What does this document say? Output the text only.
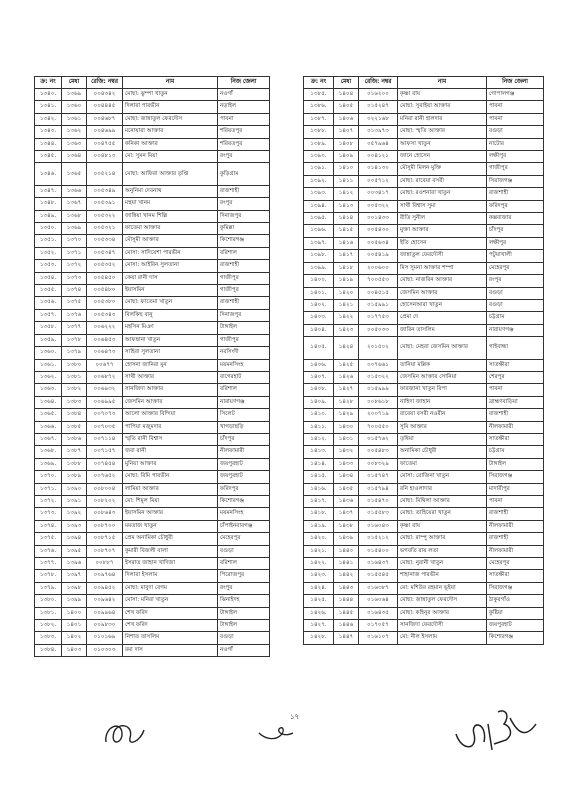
ক্র: নং	মেধা	রেজি: নম্বর	নাম	নিজ জেলা
১৩৪০.	১৩৬৯	০০৪৩৪২	মোছা: ঝুম্পা খাতুন	নওগাঁ
১৩৪১.	১৩৬০	০০৪৪৪৫	দিলারা পারভীন	নড়াইল
১৩৪২.	১৩৬১	০০৪৬৮৭	মোছা: জান্নাতুল ফেরদৌস	পাবনা
১৩৪৩.	১৩৬২	০০৪৬৯৯	মনোয়ারা আক্তার	শরিয়তপুর
১৩৪৪.	১৩৬৩	০০৪৭৫৫	কনিকা আক্তার	শরিয়তপুর
১৩৪৫.	১৩৬৪	০০৪৮১৩	মো: সুমন মিয়া	রংপুর
১৩৪৬.	১৩৬৫	০০৫২১৪	মোছা: আফিরা আক্তার তৃপ্তি	কুড়িগ্রাম
১৩৪৭.	১৩৬৬	০০৫৩৪৯	অনুনিমা দেবনাথ	রাজশাহী
১৩৪৮.	১৩৬৭	০০৫৩৯১	মহুয়া খানম	রংপুর
১৩৪৯.	১৩৬৮	০০৫৩২২	জান্নিয়া খানম শিল্পি	দিনাজপুর
১৩৫০.	১৩৬৯	০০৫৩২১	ফাতেমা আক্তার	কুমিল্লা
১৩৫১.	১৩৭০	০০৫৩৩৪	মৌসুমী আক্তার	কিশোরগঞ্জ
১৩৫২.	১৩৭১	০০৫৩৪৭	মোসা: সাদিয়েশা পারভীন	বরিশাল
১৩৫৩.	১৩৭২	০০৫৩৫২	মোসা: আইরিন সুলতানা	রাজশাহী
১৩৫৪.	১৩৭৩	০০৫৪৫০	কেয়া রানী দাস	গাজীপুর
১৩৫৫.	১৩৭৪	০০৫৪৮০	ইয়াসমিন	গাজীপুর
১৩৫৬.	১৩৭৫	০০৫৩৮০	মোছা: ফাতেমা খাতুন	রাজশাহী
১৩৫৭.	১৩৭৬	০০৫৩৪৩	বিলকিছ বানু	দিনাজপুর
১৩৫৮.	১৩৭৭	০০৬২২২	মহসিন মিঞা	টাঙ্গাইল
১৩৫৯.	১৩৭৮	০০৬৪৫৩	আফছানা খাতুন	গাজীপুর
১৩৬০.	১৩৭৯	০০৬৪৭৩	সাহিরা সুলতানা	নরসিংদী
১৩৬১.	১৩৮০	০০৬৭৭	হোসনা জানিরা মুন	ময়মনসিংহ
১৩৬২.	১৩৮১	০০৬৮৭২	সাথী আক্তার	বাগেরহাট
১৩৬৩.	১৩৮২	০০৬৯৩২	সানজিদা আক্তার	বরিশাল
১৩৬৪.	১৩৮৩	০০৬৯৯৫	জেসমিন আক্তার	নারায়ণগঞ্জ
১৩৬৫.	১৩৮৪	০০৭০৭৩	আলো আক্তার বিন্দিয়া	সিলেট
১৩৬৬.	১৩৮৫	০০৭০৩৫	পাপিয়া মজুমদার	খাগড়াছড়ি
১৩৬৭.	১৩৮৬	০০৭১১৪	স্মৃতি রানী বিশ্বাস	চাঁদপুর
১৩৬৮.	১৩৮৭	০০৭১৫৭	জবা রানী	নীলফামারী
১৩৬৯.	১৩৮৮	০০৭৪৫৪	মুনিয়া আক্তার	জয়পুরহাট
১৩৭০.	১৩৮৯	০০৭৬৫২	মোছা: রিমি পারভীন	জয়পুরহাট
১৩৭১.	১৩৯০	০০৮০০৪	লামিয়া আক্তার	ফরিদপুর
১৩৭২.	১৩৯১	০০৮২০২	মো: শিমুল মিয়া	কিশোরগঞ্জ
১৩৭৩.	১৩৯২	০০৮৬৪৩	ইয়াসমিন আক্তার	ময়মনসিংহ
১৩৭৪.	১৩৯৩	০০৮৭০০	মমতাজ খাতুন	চাঁপাইনবাবগঞ্জ
১৩৭৫.	১৩৯৪	০০৮৭১৫	প্রেম অনামিকা চৌধুরী	মেহেরপুর
১৩৭৬.	১৩৯৫	০০৮৭০৭	কুমারী বিজলী বালা	বগুড়া
১৩৭৭.	১৩৯৬	০০৮৮৭	ইসরাত জাহান খাদিজা	বরিশাল
১৩৭৮.	১৩৯৭	০০৯৭৬৪	দিলারা ইসলাম	পিরোজপুর
১৩৭৯.	১৩৯৮	০০৯৪৫২	মোছা: মাবুদা বেগম	রংপুর
১৩৮০.	১৩৯৯	০০৯৬৪২	মোসা: মনিরা খাতুন	ঝিনাইদহ
১৩৮১.	১৪০০	০০৯৯৬৪	শেখ ফরিদ	টাঙ্গাইল
১৩৮২.	১৪০১	০০৯৮৩০	শেখ ফরিদ	টাঙ্গাইল
১৩৮৩.	১৪০২	০১০১৬৯	নিশাত তাসলিম	বগুড়া
১৩৮৪.	১৪০৩	০১০৩০৩	রমা দাস	নওগাঁ
ক্র: নং	মেধা	রেজি: নম্বর	নাম	নিজ জেলা
১৩৮৫.	১৪০৪	০১৬২০০	কৃষ্ণা রায়	গোপালগঞ্জ
১৩৮৬.	১৪০৫	০১৫২৪৭	মোছা: সুরাইয়া আক্তার	পাবনা
১৩৮৭.	১৪০৬	০২২১৬৮	মনিরা রানী হালদার	পাবনা
১৩৮৮.	১৪০৭	০১৩৯৭৩	মোছা: স্মৃতি আক্তার	বগুড়া
১৩৮৯.	১৪০৮	০৫৭৯৬৪	আফসা খাতুন	নাটোর
১৩৯০.	১৪০৯	০০৪১২১	জানে হোসেন	লক্ষীপুর
১৩৯১.	১৪১০	০১৪১৩০	মৌসুমী মিলন মুক্তি	গাজীপুর
১৩৯২.	১৪১১	০০৫৭১২	মোছা: রাবেয়া বসরী	সিরাজগঞ্জ
১৩৯৩.	১৪১২	০০৩৪১৭	মোছা: রওশনারা খাতুন	রাজশাহী
১৩৯৪.	১৪১৩	০০৫৩২২	সাথী বিশ্বাস সুমা	ফরিদপুর
১৩৯৫.	১৪১৪	০০১৪৩৩	রীতি সুনীল	কক্সবাজার
১৩৯৬.	১৪১৫	০০৫৪৩০	মুক্তা আক্তার	চাঁদপুর
১৩৯৭.	১৪১৬	০০৫৬৩৪	ইতি হোসেন	লক্ষীপুর
১৩৯৮.	১৪১৭	০০৫৪১৯	জান্নাতুল ফেরদৌসী	পটুয়াখালী
১৩৯৯.	১৪১৮	২০০৬০০	মিস সুমনা আক্তার শম্পা	মেহেরপুর
১৪০০.	১৪১৯	৭০০৫৫৩	মোছা: নাজরিন আক্তার	রংপুর
১৪০১.	১৪২০	০০৪৫১৫	জেসমিন আক্তার	বগুড়া
১৪০২.	১৪২১	০১৫৯৯১	হোসেনআরা খাতুন	বগুড়া
১৪০৩.	১৪২২	০১৭৭৫৩	প্রেমা দে	চট্টগ্রাম
১৪০৪.	১৪২৩	০০৫০৩৩	জারিন তাসলিম	নারায়ণগঞ্জ
১৪০৫.	১৪২৪	২০১৫০২	মোছা: মেহরা জেসমিন আক্তার	গাইবান্ধা
১৪০৬.	১৪২৫	০০৭৬৬১	তানিয়া মল্লিক	সাতক্ষীরা
১৪০৭.	১৪২৬	০১৫৩২২	জেসমিন আক্তার সোনিয়া	শেরপুর
১৪০৮.	১৪২৭	০১৫৯৯৯	ফারজানা খাতুন রিপা	পাবনা
১৪০৯.	১৪২৮	০০৮৬১৮	নাহিদা জাহান	ব্রাহ্মণবাড়িয়া
১৪১০.	১৪২৯	২০০৭১৯	রাবেয়া বসরী নওরীন	রাজশাহী
১৪১১.	১৪৩০	৭০০৫৫০	সুমি আক্তার	নীলফামারী
১৪১২.	১৪৩১	০১৫৭৬২	তৃষিয়া	সাতক্ষীরা
১৪১৩.	১৪৩২	০০৫৪৮৩	অনামিকা চৌধুরী	চট্টগ্রাম
১৪১৪.	১৪৩৩	০০৮৩২৯	ফাতেমা	টাঙ্গাইল
১৪১৫.	১৪৩৪	০১৫৭৪৭	মোসা: রোজিনা খাতুন	সিরাজগঞ্জ
১৪১৬.	১৪৩৫	০১৫৭৯৪	রনি হাওলাদার	মাদারীপুর
১৪১৭.	১৪৩৬	০১৫৪৭০	মোছা: মিথিলা আক্তার	পাবনা
১৪১৮.	১৪৩৭	০১৫৫৮৩	মোছা: তাহিয়েরা খাতুন	রাজশাহী
১৪১৯.	১৪৩৮	০১৬০৪৩	কৃষ্ণা রায়	নীলফামারী
১৪২০.	১৪৩৯	০১৫২১২	মোছা: রাম্পু আক্তার	রাজশাহী
১৪২১.	১৪৪০	০১৫৪০০	ভগবতি রায় লতা	নীলফামারী
১৪২২.	১৪৪১	০১৬৪৩৭	মোছা: নুরানী খাতুন	মেহেরপুর
১৪২৩.	১৪৪২	০১৫৫৪৫	শাহানাজ পারভীন	সাতক্ষীরা
১৪২৪.	১৪৪৩	০১৬৩৮৭	মো: মশিউর রহমান ভূইয়া	সিরাজগঞ্জ
১৪২৫.	১৪৪৪	০১৬০৬৪	মোছা: জান্নাতুল ফেরদৌস	ঠাকুরগাঁও
১৪২৬.	১৪৪৫	০১৬৪৩৫	মোছা: কহিনুর আক্তার	কুষ্টিয়া
১৪২৭.	১৪৪৬	০১৭০৫৭	সানজিদা ফেরদৌসী	জয়পুরহাট
১৪২৮.	১৪৪৭	০১৬১০৭	মো: নীল ইসলাম	কিশোরগঞ্জ
১৭
